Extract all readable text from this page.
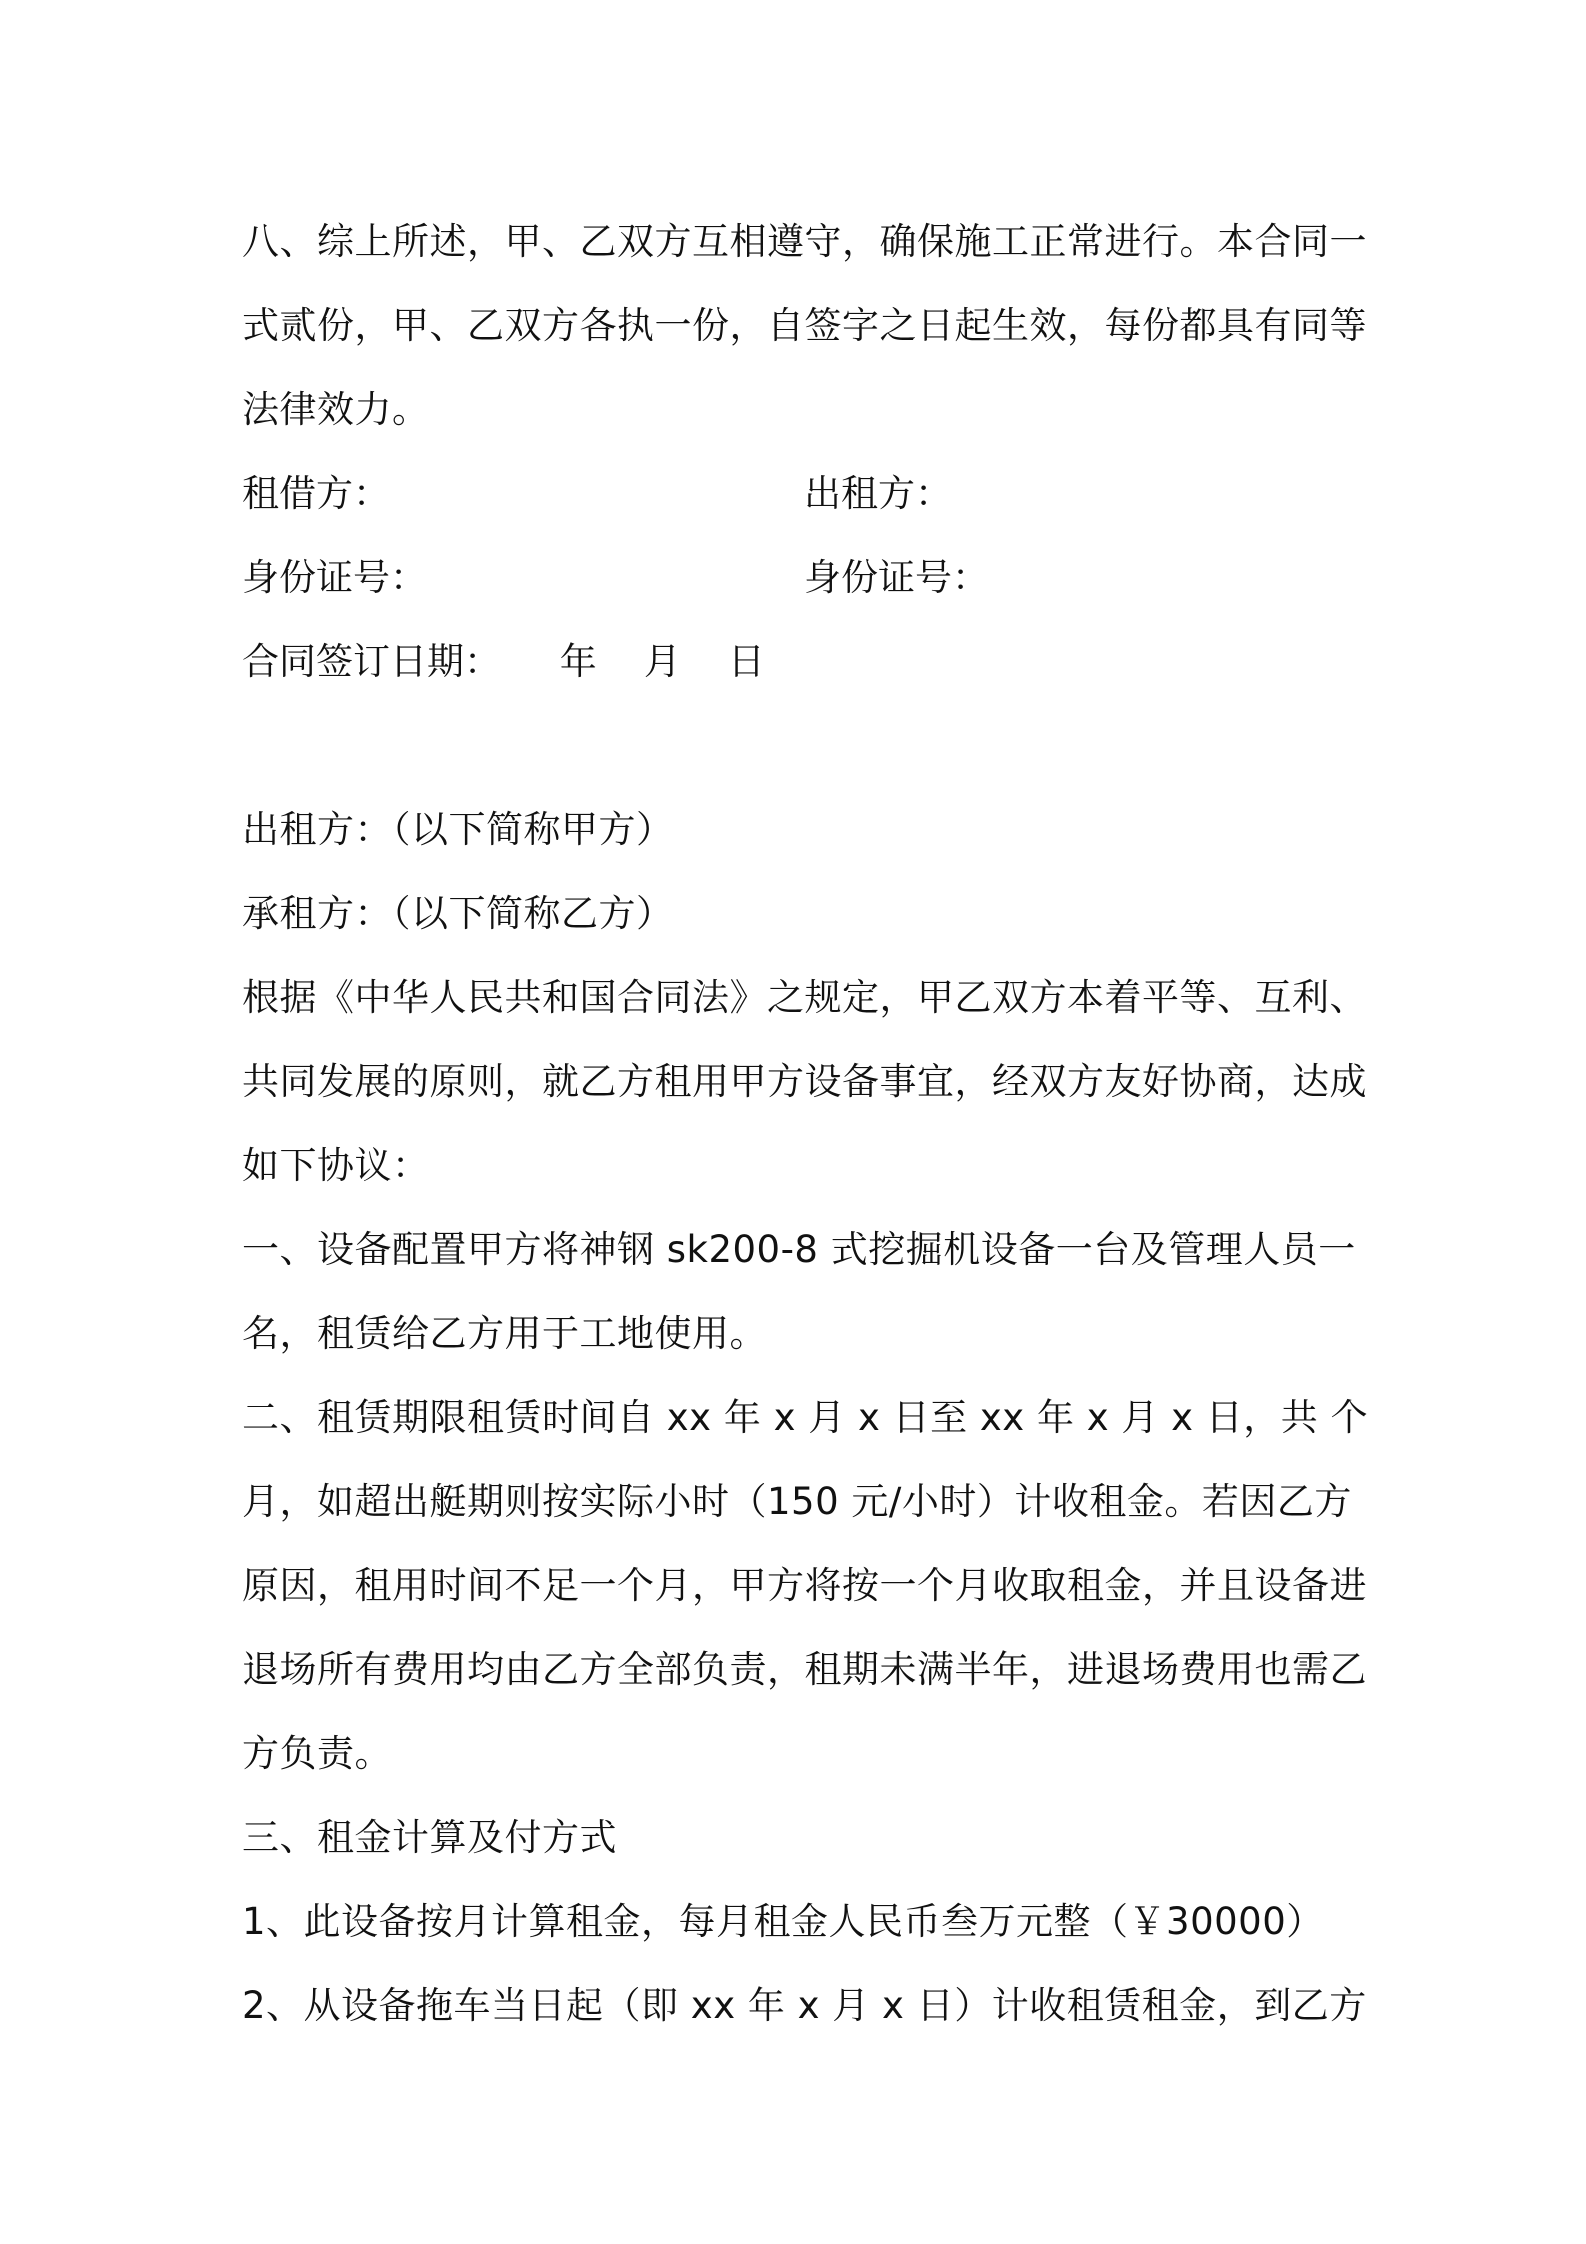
八、综上所述，甲、乙双方互相遵守，确保施工正常进行。本合同一
式贰份，甲、乙双方各执一份，自签字之日起生效，每份都具有同等
法律效力。
租借方：	出租方：
身份证号：	身份证号：
合同签订日期：     年    月    日
出租方：（以下简称甲方）
承租方：（以下简称乙方）
根据《中华人民共和国合同法》之规定，甲乙双方本着平等、互利、
共同发展的原则，就乙方租用甲方设备事宜，经双方友好协商，达成
如下协议：
一、设备配置甲方将神钢 sk200-8 式挖掘机设备一台及管理人员一
名，租赁给乙方用于工地使用。
二、租赁期限租赁时间自 xx 年 x 月 x 日至 xx 年 x 月 x 日，共 个
月，如超出艇期则按实际小时（150 元/小时）计收租金。若因乙方
原因，租用时间不足一个月，甲方将按一个月收取租金，并且设备进
退场所有费用均由乙方全部负责，租期未满半年，进退场费用也需乙
方负责。
三、租金计算及付方式
1、此设备按月计算租金，每月租金人民币叁万元整（￥30000）
2、从设备拖车当日起（即 xx 年 x 月 x 日）计收租赁租金，到乙方
